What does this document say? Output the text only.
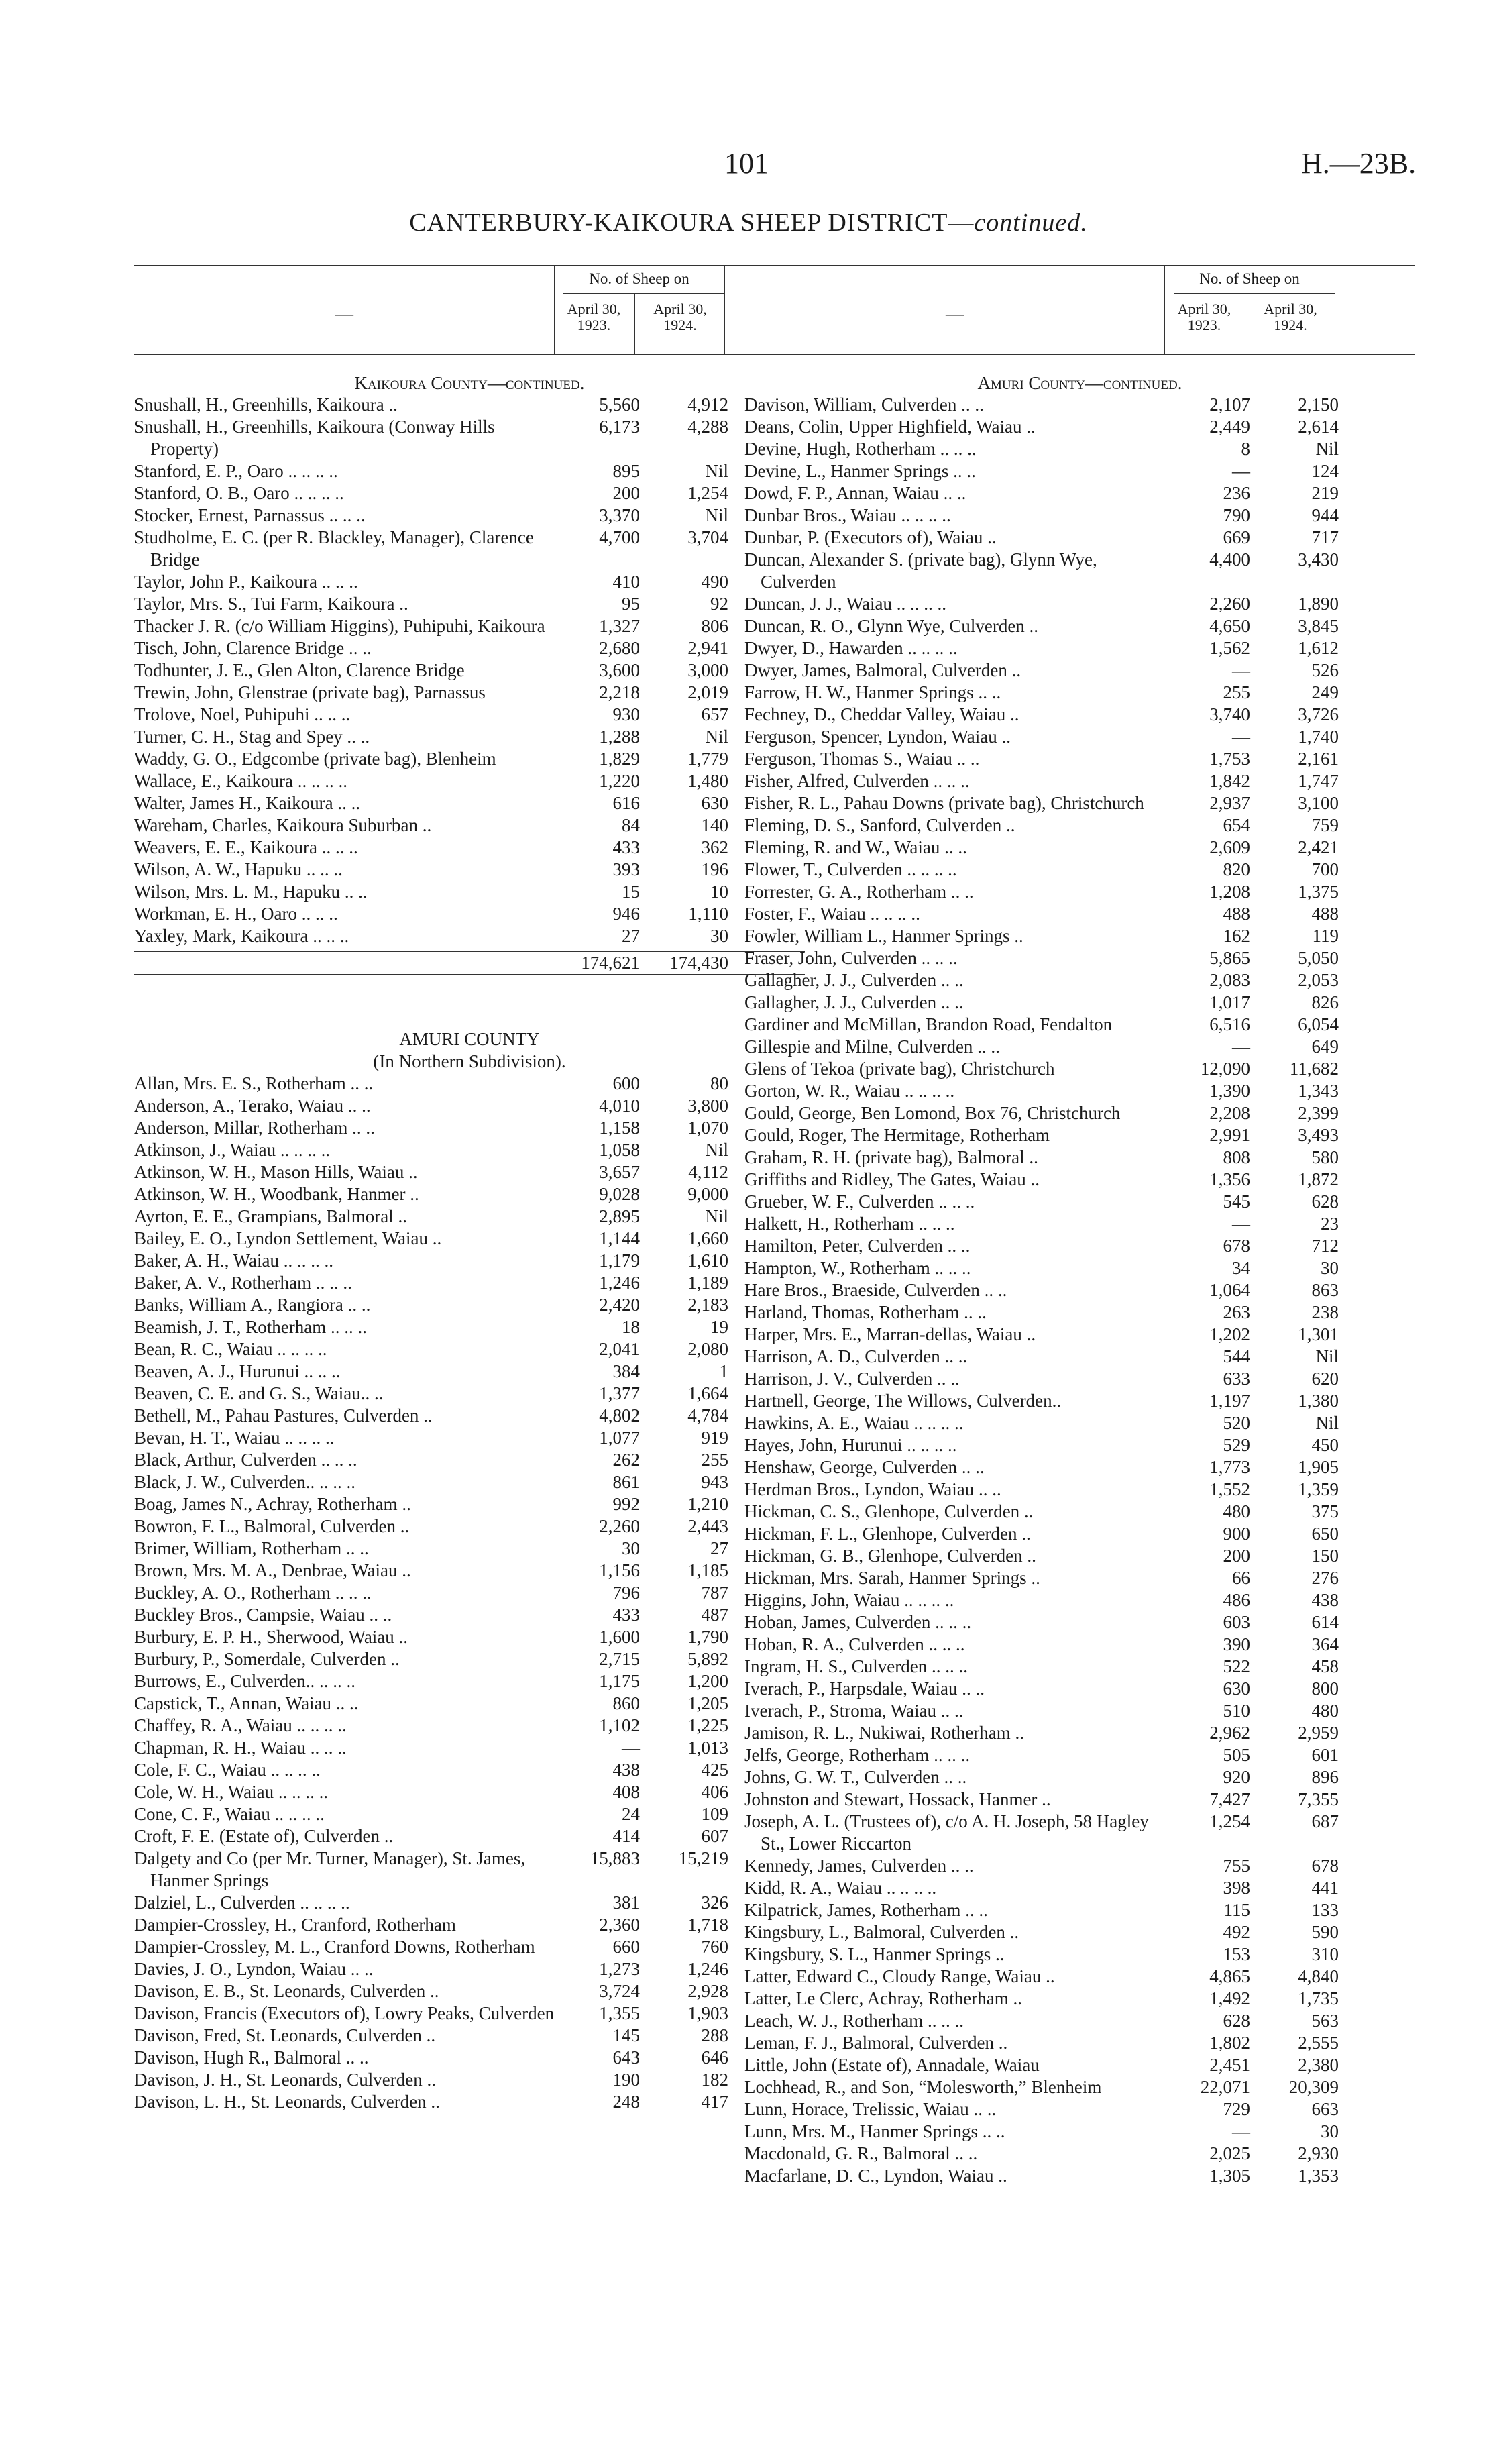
101	H.—23B.
CANTERBURY-KAIKOURA SHEEP DISTRICT—continued.
—
No. of Sheep on
April 30,
1923.
April 30,
1924.
Kaikoura County—continued.
Snushall, H., Greenhills, Kaikoura ..	5,560	4,912
Snushall, H., Greenhills, Kaikoura (Conway Hills Property)
6,173	4,288
Stanford, E. P., Oaro .. .. .. ..	895	Nil
Stanford, O. B., Oaro .. .. .. ..	200	1,254
Stocker, Ernest, Parnassus .. .. ..	3,370	Nil
Studholme, E. C. (per R. Blackley, Manager), Clarence Bridge
4,700	3,704
Taylor, John P., Kaikoura .. .. ..	410	490
Taylor, Mrs. S., Tui Farm, Kaikoura ..	95	92
Thacker J. R. (c/o William Higgins), Puhipuhi, Kaikoura	1,327	806
Tisch, John, Clarence Bridge .. ..	2,680	2,941
Todhunter, J. E., Glen Alton, Clarence Bridge	3,600	3,000
Trewin, John, Glenstrae (private bag), Parnassus	2,218	2,019
Trolove, Noel, Puhipuhi .. .. ..	930	657
Turner, C. H., Stag and Spey .. ..	1,288	Nil
Waddy, G. O., Edgcombe (private bag), Blenheim	1,829	1,779
Wallace, E., Kaikoura .. .. .. ..	1,220	1,480
Walter, James H., Kaikoura .. ..	616	630
Wareham, Charles, Kaikoura Suburban ..	84	140
Weavers, E. E., Kaikoura .. .. ..	433	362
Wilson, A. W., Hapuku .. .. ..	393	196
Wilson, Mrs. L. M., Hapuku .. ..	15	10
Workman, E. H., Oaro .. .. ..	946	1,110
Yaxley, Mark, Kaikoura .. .. ..	27	30
174,621	174,430
AMURI COUNTY
(In Northern Subdivision).
Allan, Mrs. E. S., Rotherham .. ..	600	80
Anderson, A., Terako, Waiau .. ..	4,010	3,800
Anderson, Millar, Rotherham .. ..	1,158	1,070
Atkinson, J., Waiau .. .. .. ..	1,058	Nil
Atkinson, W. H., Mason Hills, Waiau ..	3,657	4,112
Atkinson, W. H., Woodbank, Hanmer ..	9,028	9,000
Ayrton, E. E., Grampians, Balmoral ..	2,895	Nil
Bailey, E. O., Lyndon Settlement, Waiau ..	1,144	1,660
Baker, A. H., Waiau .. .. .. ..	1,179	1,610
Baker, A. V., Rotherham .. .. ..	1,246	1,189
Banks, William A., Rangiora .. ..	2,420	2,183
Beamish, J. T., Rotherham .. .. ..	18	19
Bean, R. C., Waiau .. .. .. ..	2,041	2,080
Beaven, A. J., Hurunui .. .. ..	384	1
Beaven, C. E. and G. S., Waiau.. ..	1,377	1,664
Bethell, M., Pahau Pastures, Culverden ..	4,802	4,784
Bevan, H. T., Waiau .. .. .. ..	1,077	919
Black, Arthur, Culverden .. .. ..	262	255
Black, J. W., Culverden.. .. .. ..	861	943
Boag, James N., Achray, Rotherham ..	992	1,210
Bowron, F. L., Balmoral, Culverden ..	2,260	2,443
Brimer, William, Rotherham .. ..	30	27
Brown, Mrs. M. A., Denbrae, Waiau ..	1,156	1,185
Buckley, A. O., Rotherham .. .. ..	796	787
Buckley Bros., Campsie, Waiau .. ..	433	487
Burbury, E. P. H., Sherwood, Waiau ..	1,600	1,790
Burbury, P., Somerdale, Culverden ..	2,715	5,892
Burrows, E., Culverden.. .. .. ..	1,175	1,200
Capstick, T., Annan, Waiau .. ..	860	1,205
Chaffey, R. A., Waiau .. .. .. ..	1,102	1,225
Chapman, R. H., Waiau .. .. ..	—	1,013
Cole, F. C., Waiau .. .. .. ..	438	425
Cole, W. H., Waiau .. .. .. ..	408	406
Cone, C. F., Waiau .. .. .. ..	24	109
Croft, F. E. (Estate of), Culverden ..	414	607
Dalgety and Co (per Mr. Turner, Manager), St. James, Hanmer Springs
15,883	15,219
Dalziel, L., Culverden .. .. .. ..	381	326
Dampier-Crossley, H., Cranford, Rotherham	2,360	1,718
Dampier-Crossley, M. L., Cranford Downs, Rotherham	660	760
Davies, J. O., Lyndon, Waiau .. ..	1,273	1,246
Davison, E. B., St. Leonards, Culverden ..	3,724	2,928
Davison, Francis (Executors of), Lowry Peaks, Culverden	1,355	1,903
Davison, Fred, St. Leonards, Culverden ..	145	288
Davison, Hugh R., Balmoral .. ..	643	646
Davison, J. H., St. Leonards, Culverden ..	190	182
Davison, L. H., St. Leonards, Culverden ..	248	417
—
No. of Sheep on
April 30,
1923.
April 30,
1924.
Amuri County—continued.
Davison, William, Culverden .. ..	2,107	2,150
Deans, Colin, Upper Highfield, Waiau ..	2,449	2,614
Devine, Hugh, Rotherham .. .. ..	8	Nil
Devine, L., Hanmer Springs .. ..	—	124
Dowd, F. P., Annan, Waiau .. ..	236	219
Dunbar Bros., Waiau .. .. .. ..	790	944
Dunbar, P. (Executors of), Waiau ..	669	717
Duncan, Alexander S. (private bag), Glynn Wye, Culverden
4,400	3,430
Duncan, J. J., Waiau .. .. .. ..	2,260	1,890
Duncan, R. O., Glynn Wye, Culverden ..	4,650	3,845
Dwyer, D., Hawarden .. .. .. ..	1,562	1,612
Dwyer, James, Balmoral, Culverden ..	—	526
Farrow, H. W., Hanmer Springs .. ..	255	249
Fechney, D., Cheddar Valley, Waiau ..	3,740	3,726
Ferguson, Spencer, Lyndon, Waiau ..	—	1,740
Ferguson, Thomas S., Waiau .. ..	1,753	2,161
Fisher, Alfred, Culverden .. .. ..	1,842	1,747
Fisher, R. L., Pahau Downs (private bag), Christchurch	2,937	3,100
Fleming, D. S., Sanford, Culverden ..	654	759
Fleming, R. and W., Waiau .. ..	2,609	2,421
Flower, T., Culverden .. .. .. ..	820	700
Forrester, G. A., Rotherham .. ..	1,208	1,375
Foster, F., Waiau .. .. .. ..	488	488
Fowler, William L., Hanmer Springs ..	162	119
Fraser, John, Culverden .. .. ..	5,865	5,050
Gallagher, J. J., Culverden .. ..	2,083	2,053
Gallagher, J. J., Culverden .. ..	1,017	826
Gardiner and McMillan, Brandon Road, Fendalton	6,516	6,054
Gillespie and Milne, Culverden .. ..	—	649
Glens of Tekoa (private bag), Christchurch	12,090	11,682
Gorton, W. R., Waiau .. .. .. ..	1,390	1,343
Gould, George, Ben Lomond, Box 76, Christchurch	2,208	2,399
Gould, Roger, The Hermitage, Rotherham	2,991	3,493
Graham, R. H. (private bag), Balmoral ..	808	580
Griffiths and Ridley, The Gates, Waiau ..	1,356	1,872
Grueber, W. F., Culverden .. .. ..	545	628
Halkett, H., Rotherham .. .. ..	—	23
Hamilton, Peter, Culverden .. ..	678	712
Hampton, W., Rotherham .. .. ..	34	30
Hare Bros., Braeside, Culverden .. ..	1,064	863
Harland, Thomas, Rotherham .. ..	263	238
Harper, Mrs. E., Marran-dellas, Waiau ..	1,202	1,301
Harrison, A. D., Culverden .. ..	544	Nil
Harrison, J. V., Culverden .. ..	633	620
Hartnell, George, The Willows, Culverden..	1,197	1,380
Hawkins, A. E., Waiau .. .. .. ..	520	Nil
Hayes, John, Hurunui .. .. .. ..	529	450
Henshaw, George, Culverden .. ..	1,773	1,905
Herdman Bros., Lyndon, Waiau .. ..	1,552	1,359
Hickman, C. S., Glenhope, Culverden ..	480	375
Hickman, F. L., Glenhope, Culverden ..	900	650
Hickman, G. B., Glenhope, Culverden ..	200	150
Hickman, Mrs. Sarah, Hanmer Springs ..	66	276
Higgins, John, Waiau .. .. .. ..	486	438
Hoban, James, Culverden .. .. ..	603	614
Hoban, R. A., Culverden .. .. ..	390	364
Ingram, H. S., Culverden .. .. ..	522	458
Iverach, P., Harpsdale, Waiau .. ..	630	800
Iverach, P., Stroma, Waiau .. ..	510	480
Jamison, R. L., Nukiwai, Rotherham ..	2,962	2,959
Jelfs, George, Rotherham .. .. ..	505	601
Johns, G. W. T., Culverden .. ..	920	896
Johnston and Stewart, Hossack, Hanmer ..	7,427	7,355
Joseph, A. L. (Trustees of), c/o A. H. Joseph, 58 Hagley St., Lower Riccarton
1,254	687
Kennedy, James, Culverden .. ..	755	678
Kidd, R. A., Waiau .. .. .. ..	398	441
Kilpatrick, James, Rotherham .. ..	115	133
Kingsbury, L., Balmoral, Culverden ..	492	590
Kingsbury, S. L., Hanmer Springs ..	153	310
Latter, Edward C., Cloudy Range, Waiau ..	4,865	4,840
Latter, Le Clerc, Achray, Rotherham ..	1,492	1,735
Leach, W. J., Rotherham .. .. ..	628	563
Leman, F. J., Balmoral, Culverden ..	1,802	2,555
Little, John (Estate of), Annadale, Waiau	2,451	2,380
Lochhead, R., and Son, “Molesworth,” Blenheim	22,071	20,309
Lunn, Horace, Trelissic, Waiau .. ..	729	663
Lunn, Mrs. M., Hanmer Springs .. ..	—	30
Macdonald, G. R., Balmoral .. ..	2,025	2,930
Macfarlane, D. C., Lyndon, Waiau ..	1,305	1,353
